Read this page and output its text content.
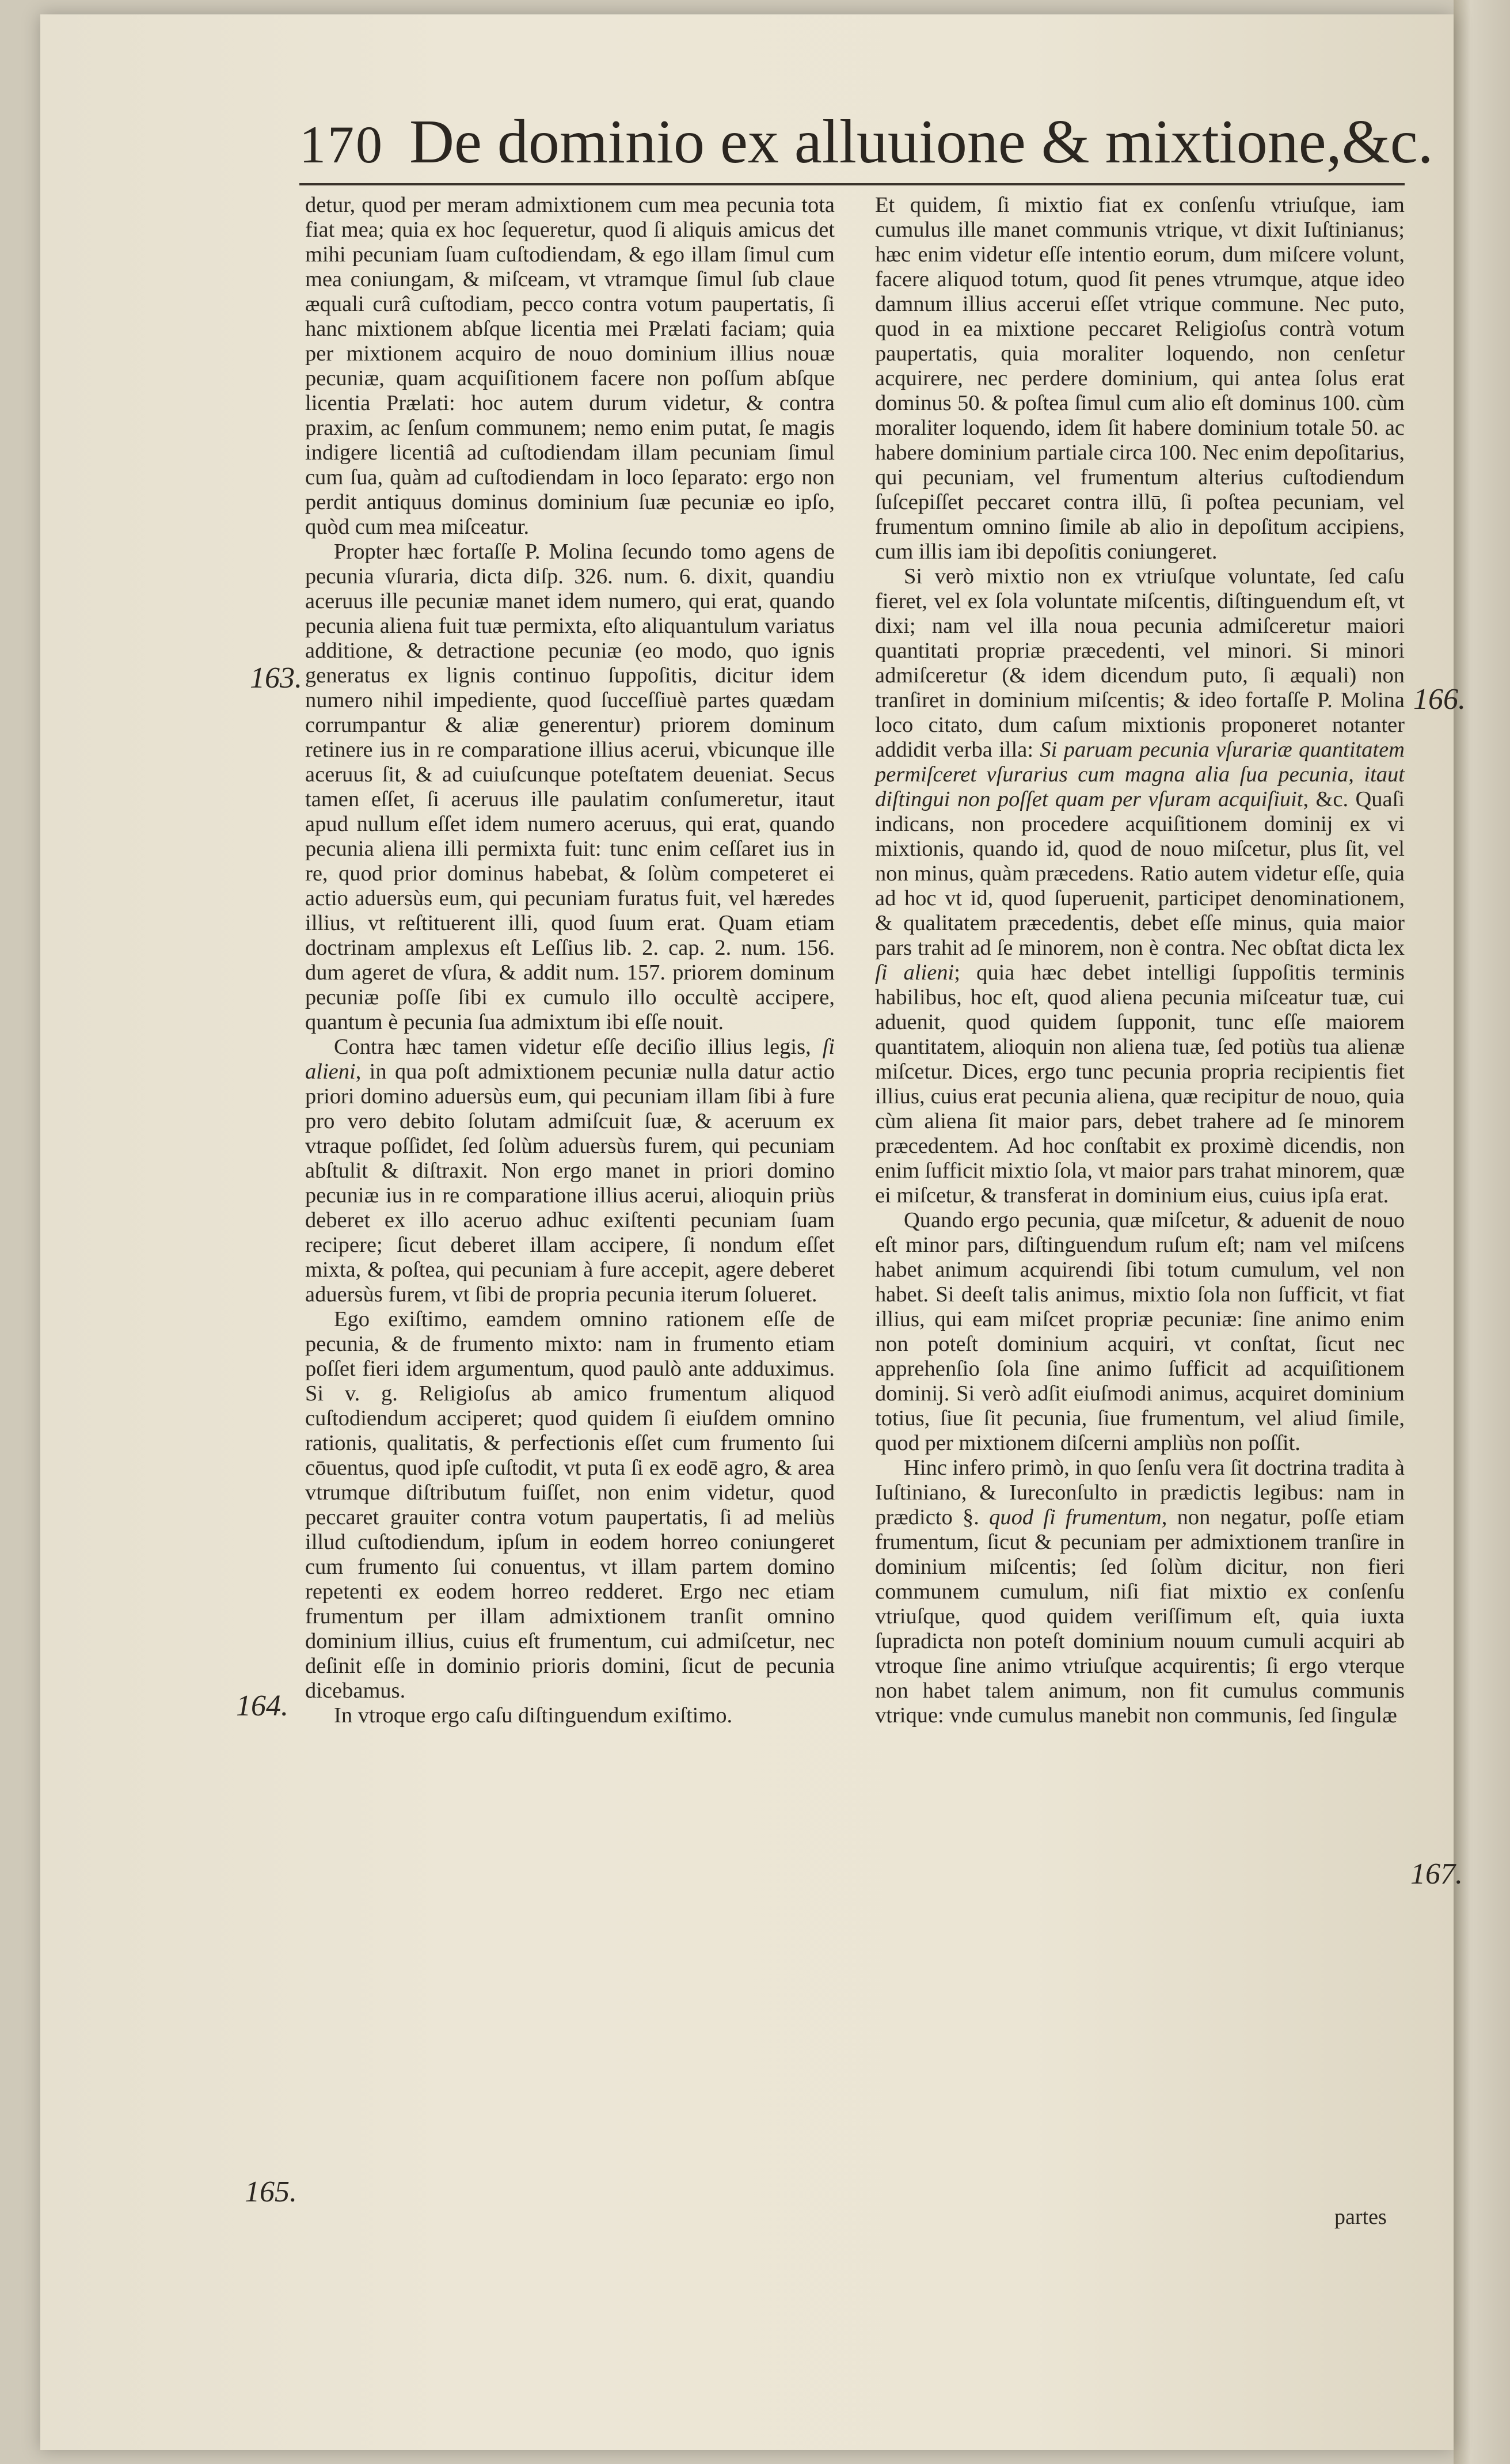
170 De dominio ex alluuione & mixtione,&c.
163.
164.
165.
166.
167.

detur, quod per meram admixtionem cum mea pecunia tota fiat mea; quia ex hoc ſequeretur, quod ſi aliquis amicus det mihi pecuniam ſuam cuſtodiendam, & ego illam ſimul cum mea coniungam, & miſceam, vt vtramque ſimul ſub claue æquali curâ cuſtodiam, pecco contra votum paupertatis, ſi hanc mixtionem abſque licentia mei Prælati faciam; quia per mixtionem acquiro de nouo dominium illius nouæ pecuniæ, quam acquiſitionem facere non poſſum abſque licentia Prælati: hoc autem durum videtur, & contra praxim, ac ſenſum communem; nemo enim putat, ſe magis indigere licentiâ ad cuſtodiendam illam pecuniam ſimul cum ſua, quàm ad cuſtodiendam in loco ſeparato: ergo non perdit antiquus dominus dominium ſuæ pecuniæ eo ipſo, quòd cum mea miſceatur.

Propter hæc fortaſſe P. Molina ſecundo tomo agens de pecunia vſuraria, dicta diſp. 326. num. 6. dixit, quandiu aceruus ille pecuniæ manet idem numero, qui erat, quando pecunia aliena fuit tuæ permixta, eſto aliquantulum variatus additione, & detractione pecuniæ (eo modo, quo ignis generatus ex lignis continuo ſuppoſitis, dicitur idem numero nihil impediente, quod ſucceſſiuè partes quædam corrumpantur & aliæ generentur) priorem dominum retinere ius in re comparatione illius acerui, vbicunque ille aceruus ſit, & ad cuiuſcunque poteſtatem deueniat. Secus tamen eſſet, ſi aceruus ille paulatim conſumeretur, itaut apud nullum eſſet idem numero aceruus, qui erat, quando pecunia aliena illi permixta fuit: tunc enim ceſſaret ius in re, quod prior dominus habebat, & ſolùm competeret ei actio aduersùs eum, qui pecuniam furatus fuit, vel hæredes illius, vt reſtituerent illi, quod ſuum erat. Quam etiam doctrinam amplexus eſt Leſſius lib. 2. cap. 2. num. 156. dum ageret de vſura, & addit num. 157. priorem dominum pecuniæ poſſe ſibi ex cumulo illo occultè accipere, quantum è pecunia ſua admixtum ibi eſſe nouit.

Contra hæc tamen videtur eſſe deciſio illius legis, ſi alieni, in qua poſt admixtionem pecuniæ nulla datur actio priori domino aduersùs eum, qui pecuniam illam ſibi à fure pro vero debito ſolutam admiſcuit ſuæ, & aceruum ex vtraque poſſidet, ſed ſolùm aduersùs furem, qui pecuniam abſtulit & diſtraxit. Non ergo manet in priori domino pecuniæ ius in re comparatione illius acerui, alioquin priùs deberet ex illo aceruo adhuc exiſtenti pecuniam ſuam recipere; ſicut deberet illam accipere, ſi nondum eſſet mixta, & poſtea, qui pecuniam à fure accepit, agere deberet aduersùs furem, vt ſibi de propria pecunia iterum ſolueret.

Ego exiſtimo, eamdem omnino rationem eſſe de pecunia, & de frumento mixto: nam in frumento etiam poſſet fieri idem argumentum, quod paulò ante adduximus. Si v. g. Religioſus ab amico frumentum aliquod cuſtodiendum acciperet; quod quidem ſi eiuſdem omnino rationis, qualitatis, & perfectionis eſſet cum frumento ſui cōuentus, quod ipſe cuſtodit, vt puta ſi ex eodē agro, & area vtrumque diſtributum fuiſſet, non enim videtur, quod peccaret grauiter contra votum paupertatis, ſi ad meliùs illud cuſtodiendum, ipſum in eodem horreo coniungeret cum frumento ſui conuentus, vt illam partem domino repetenti ex eodem horreo redderet. Ergo nec etiam frumentum per illam admixtionem tranſit omnino dominium illius, cuius eſt frumentum, cui admiſcetur, nec deſinit eſſe in dominio prioris domini, ſicut de pecunia dicebamus.

In vtroque ergo caſu diſtinguendum exiſtimo.

Et quidem, ſi mixtio fiat ex conſenſu vtriuſque, iam cumulus ille manet communis vtrique, vt dixit Iuſtinianus; hæc enim videtur eſſe intentio eorum, dum miſcere volunt, facere aliquod totum, quod ſit penes vtrumque, atque ideo damnum illius accerui eſſet vtrique commune. Nec puto, quod in ea mixtione peccaret Religioſus contrà votum paupertatis, quia moraliter loquendo, non cenſetur acquirere, nec perdere dominium, qui antea ſolus erat dominus 50. & poſtea ſimul cum alio eſt dominus 100. cùm moraliter loquendo, idem ſit habere dominium totale 50. ac habere dominium partiale circa 100. Nec enim depoſitarius, qui pecuniam, vel frumentum alterius cuſtodiendum ſuſcepiſſet peccaret contra illū, ſi poſtea pecuniam, vel frumentum omnino ſimile ab alio in depoſitum accipiens, cum illis iam ibi depoſitis coniungeret.

Si verò mixtio non ex vtriuſque voluntate, ſed caſu fieret, vel ex ſola voluntate miſcentis, diſtinguendum eſt, vt dixi; nam vel illa noua pecunia admiſceretur maiori quantitati propriæ præcedenti, vel minori. Si minori admiſceretur (& idem dicendum puto, ſi æquali) non tranſiret in dominium miſcentis; & ideo fortaſſe P. Molina loco citato, dum caſum mixtionis proponeret notanter addidit verba illa: Si paruam pecunia vſurariæ quantitatem permiſceret vſurarius cum magna alia ſua pecunia, itaut diſtingui non poſſet quam per vſuram acquiſiuit, &c. Quaſi indicans, non procedere acquiſitionem dominij ex vi mixtionis, quando id, quod de nouo miſcetur, plus ſit, vel non minus, quàm præcedens. Ratio autem videtur eſſe, quia ad hoc vt id, quod ſuperuenit, participet denominationem, & qualitatem præcedentis, debet eſſe minus, quia maior pars trahit ad ſe minorem, non è contra. Nec obſtat dicta lex ſi alieni; quia hæc debet intelligi ſuppoſitis terminis habilibus, hoc eſt, quod aliena pecunia miſceatur tuæ, cui aduenit, quod quidem ſupponit, tunc eſſe maiorem quantitatem, alioquin non aliena tuæ, ſed potiùs tua alienæ miſcetur. Dices, ergo tunc pecunia propria recipientis fiet illius, cuius erat pecunia aliena, quæ recipitur de nouo, quia cùm aliena ſit maior pars, debet trahere ad ſe minorem præcedentem. Ad hoc conſtabit ex proximè dicendis, non enim ſufficit mixtio ſola, vt maior pars trahat minorem, quæ ei miſcetur, & transferat in dominium eius, cuius ipſa erat.

Quando ergo pecunia, quæ miſcetur, & aduenit de nouo eſt minor pars, diſtinguendum ruſum eſt; nam vel miſcens habet animum acquirendi ſibi totum cumulum, vel non habet. Si deeſt talis animus, mixtio ſola non ſufficit, vt fiat illius, qui eam miſcet propriæ pecuniæ: ſine animo enim non poteſt dominium acquiri, vt conſtat, ſicut nec apprehenſio ſola ſine animo ſufficit ad acquiſitionem dominij. Si verò adſit eiuſmodi animus, acquiret dominium totius, ſiue ſit pecunia, ſiue frumentum, vel aliud ſimile, quod per mixtionem diſcerni ampliùs non poſſit.

Hinc infero primò, in quo ſenſu vera ſit doctrina tradita à Iuſtiniano, & Iureconſulto in prædictis legibus: nam in prædicto §. quod ſi frumentum, non negatur, poſſe etiam frumentum, ſicut & pecuniam per admixtionem tranſire in dominium miſcentis; ſed ſolùm dicitur, non fieri communem cumulum, niſi fiat mixtio ex conſenſu vtriuſque, quod quidem veriſſimum eſt, quia iuxta ſupradicta non poteſt dominium nouum cumuli acquiri ab vtroque ſine animo vtriuſque acquirentis; ſi ergo vterque non habet talem animum, non fit cumulus communis vtrique: vnde cumulus manebit non communis, ſed ſingulæ

partes
